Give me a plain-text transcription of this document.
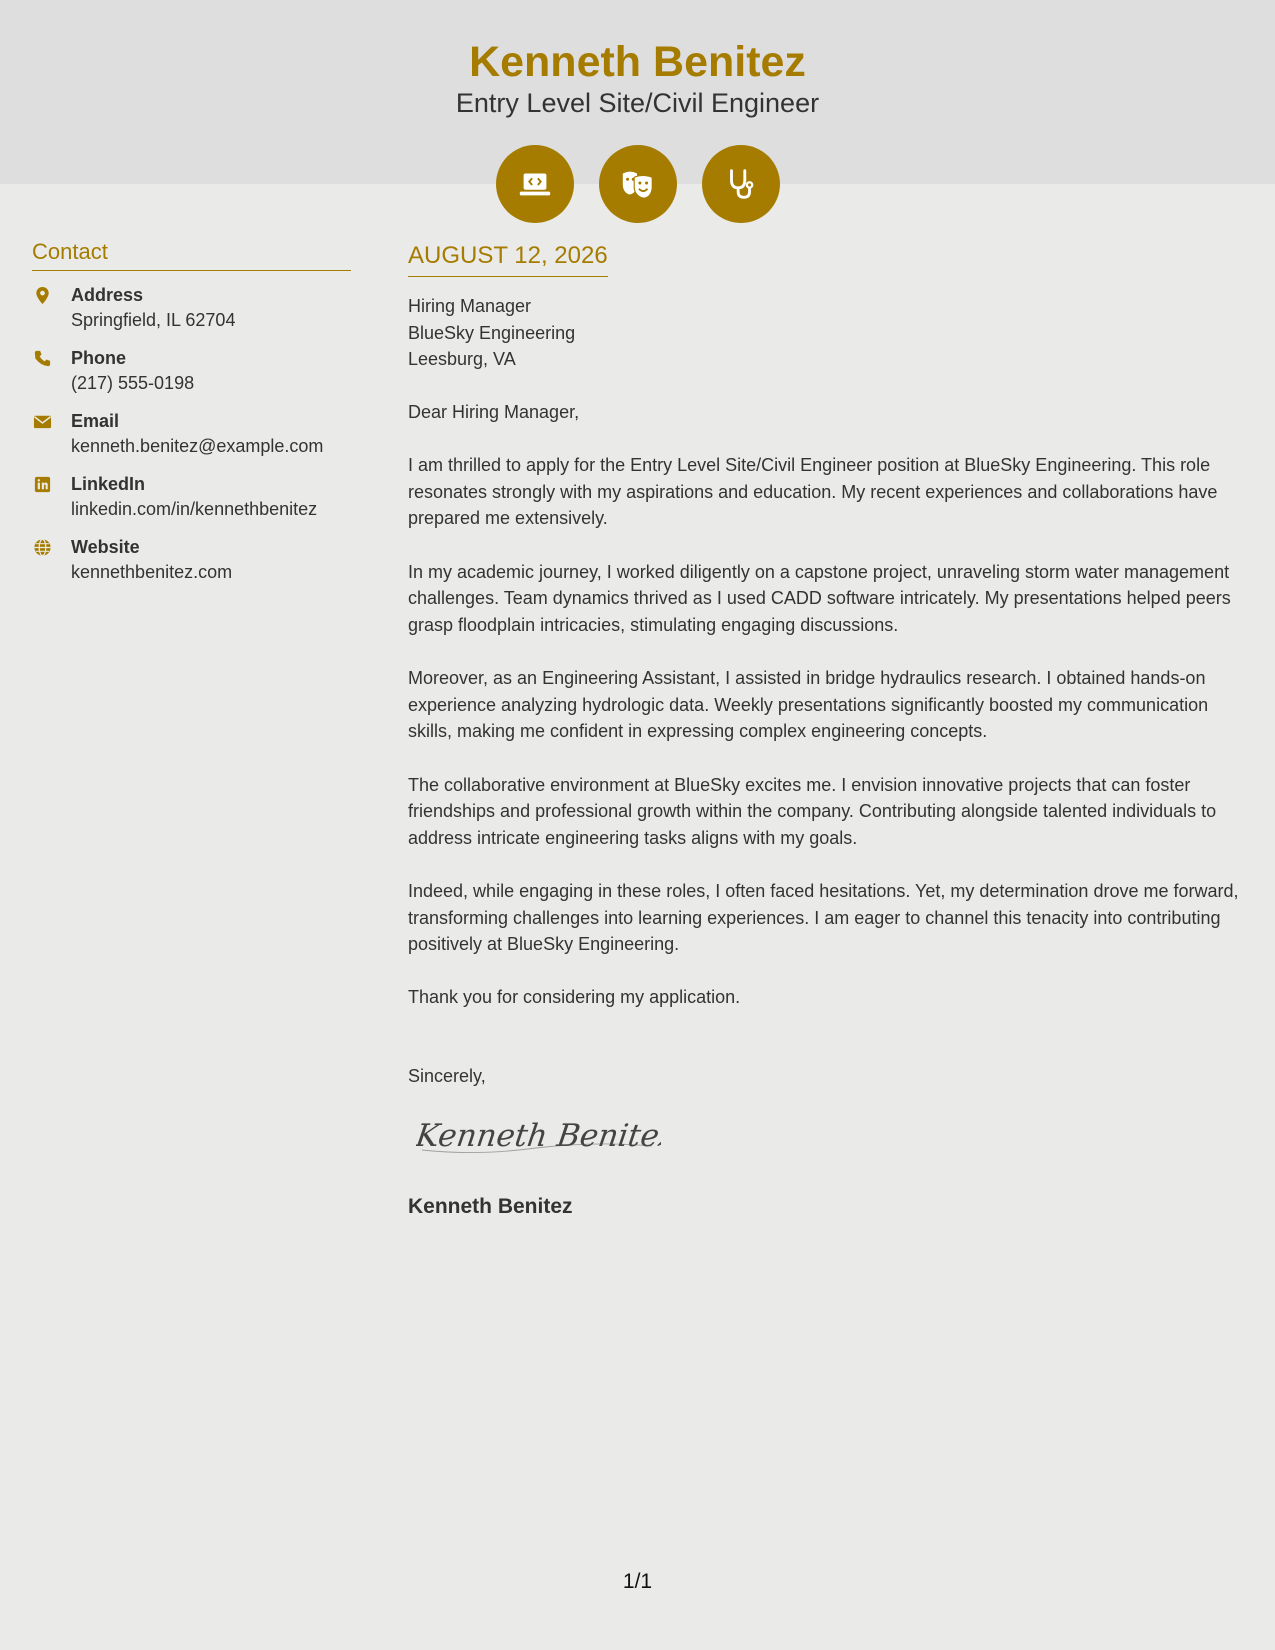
Kenneth Benitez
Entry Level Site/Civil Engineer
Contact
Address
Springfield, IL 62704
Phone
(217) 555-0198
Email
kenneth.benitez@example.com
LinkedIn
linkedin.com/in/kennethbenitez
Website
kennethbenitez.com
AUGUST 12, 2026
Hiring Manager
BlueSky Engineering
Leesburg, VA
Dear Hiring Manager,

I am thrilled to apply for the Entry Level Site/Civil Engineer position at BlueSky Engineering. This role resonates strongly with my aspirations and education. My recent experiences and collaborations have prepared me extensively.

In my academic journey, I worked diligently on a capstone project, unraveling storm water management challenges. Team dynamics thrived as I used CADD software intricately. My presentations helped peers grasp floodplain intricacies, stimulating engaging discussions.

Moreover, as an Engineering Assistant, I assisted in bridge hydraulics research. I obtained hands-on experience analyzing hydrologic data. Weekly presentations significantly boosted my communication skills, making me confident in expressing complex engineering concepts.

The collaborative environment at BlueSky excites me. I envision innovative projects that can foster friendships and professional growth within the company. Contributing alongside talented individuals to address intricate engineering tasks aligns with my goals.

Indeed, while engaging in these roles, I often faced hesitations. Yet, my determination drove me forward, transforming challenges into learning experiences. I am eager to channel this tenacity into contributing positively at BlueSky Engineering.

Thank you for considering my application.
Sincerely,
Kenneth Benitez
Kenneth Benitez
1/1
